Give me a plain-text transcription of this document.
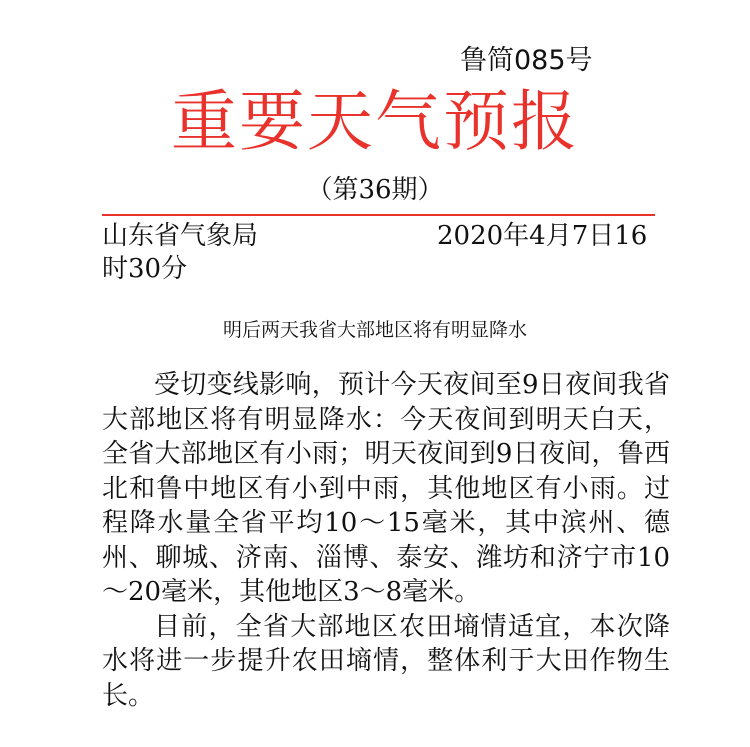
鲁简085号
重要天气预报
（第36期）
山东省气象局	2020年4月7日16
时30分
明后两天我省大部地区将有明显降水

受切变线影响，预计今天夜间至9日夜间我省大部地区将有明显降水：今天夜间到明天白天，全省大部地区有小雨；明天夜间到9日夜间，鲁西北和鲁中地区有小到中雨，其他地区有小雨。过程降水量全省平均10～15毫米，其中滨州、德州、聊城、济南、淄博、泰安、潍坊和济宁市10～20毫米，其他地区3～8毫米。

目前，全省大部地区农田墒情适宜，本次降水将进一步提升农田墒情，整体利于大田作物生长。
